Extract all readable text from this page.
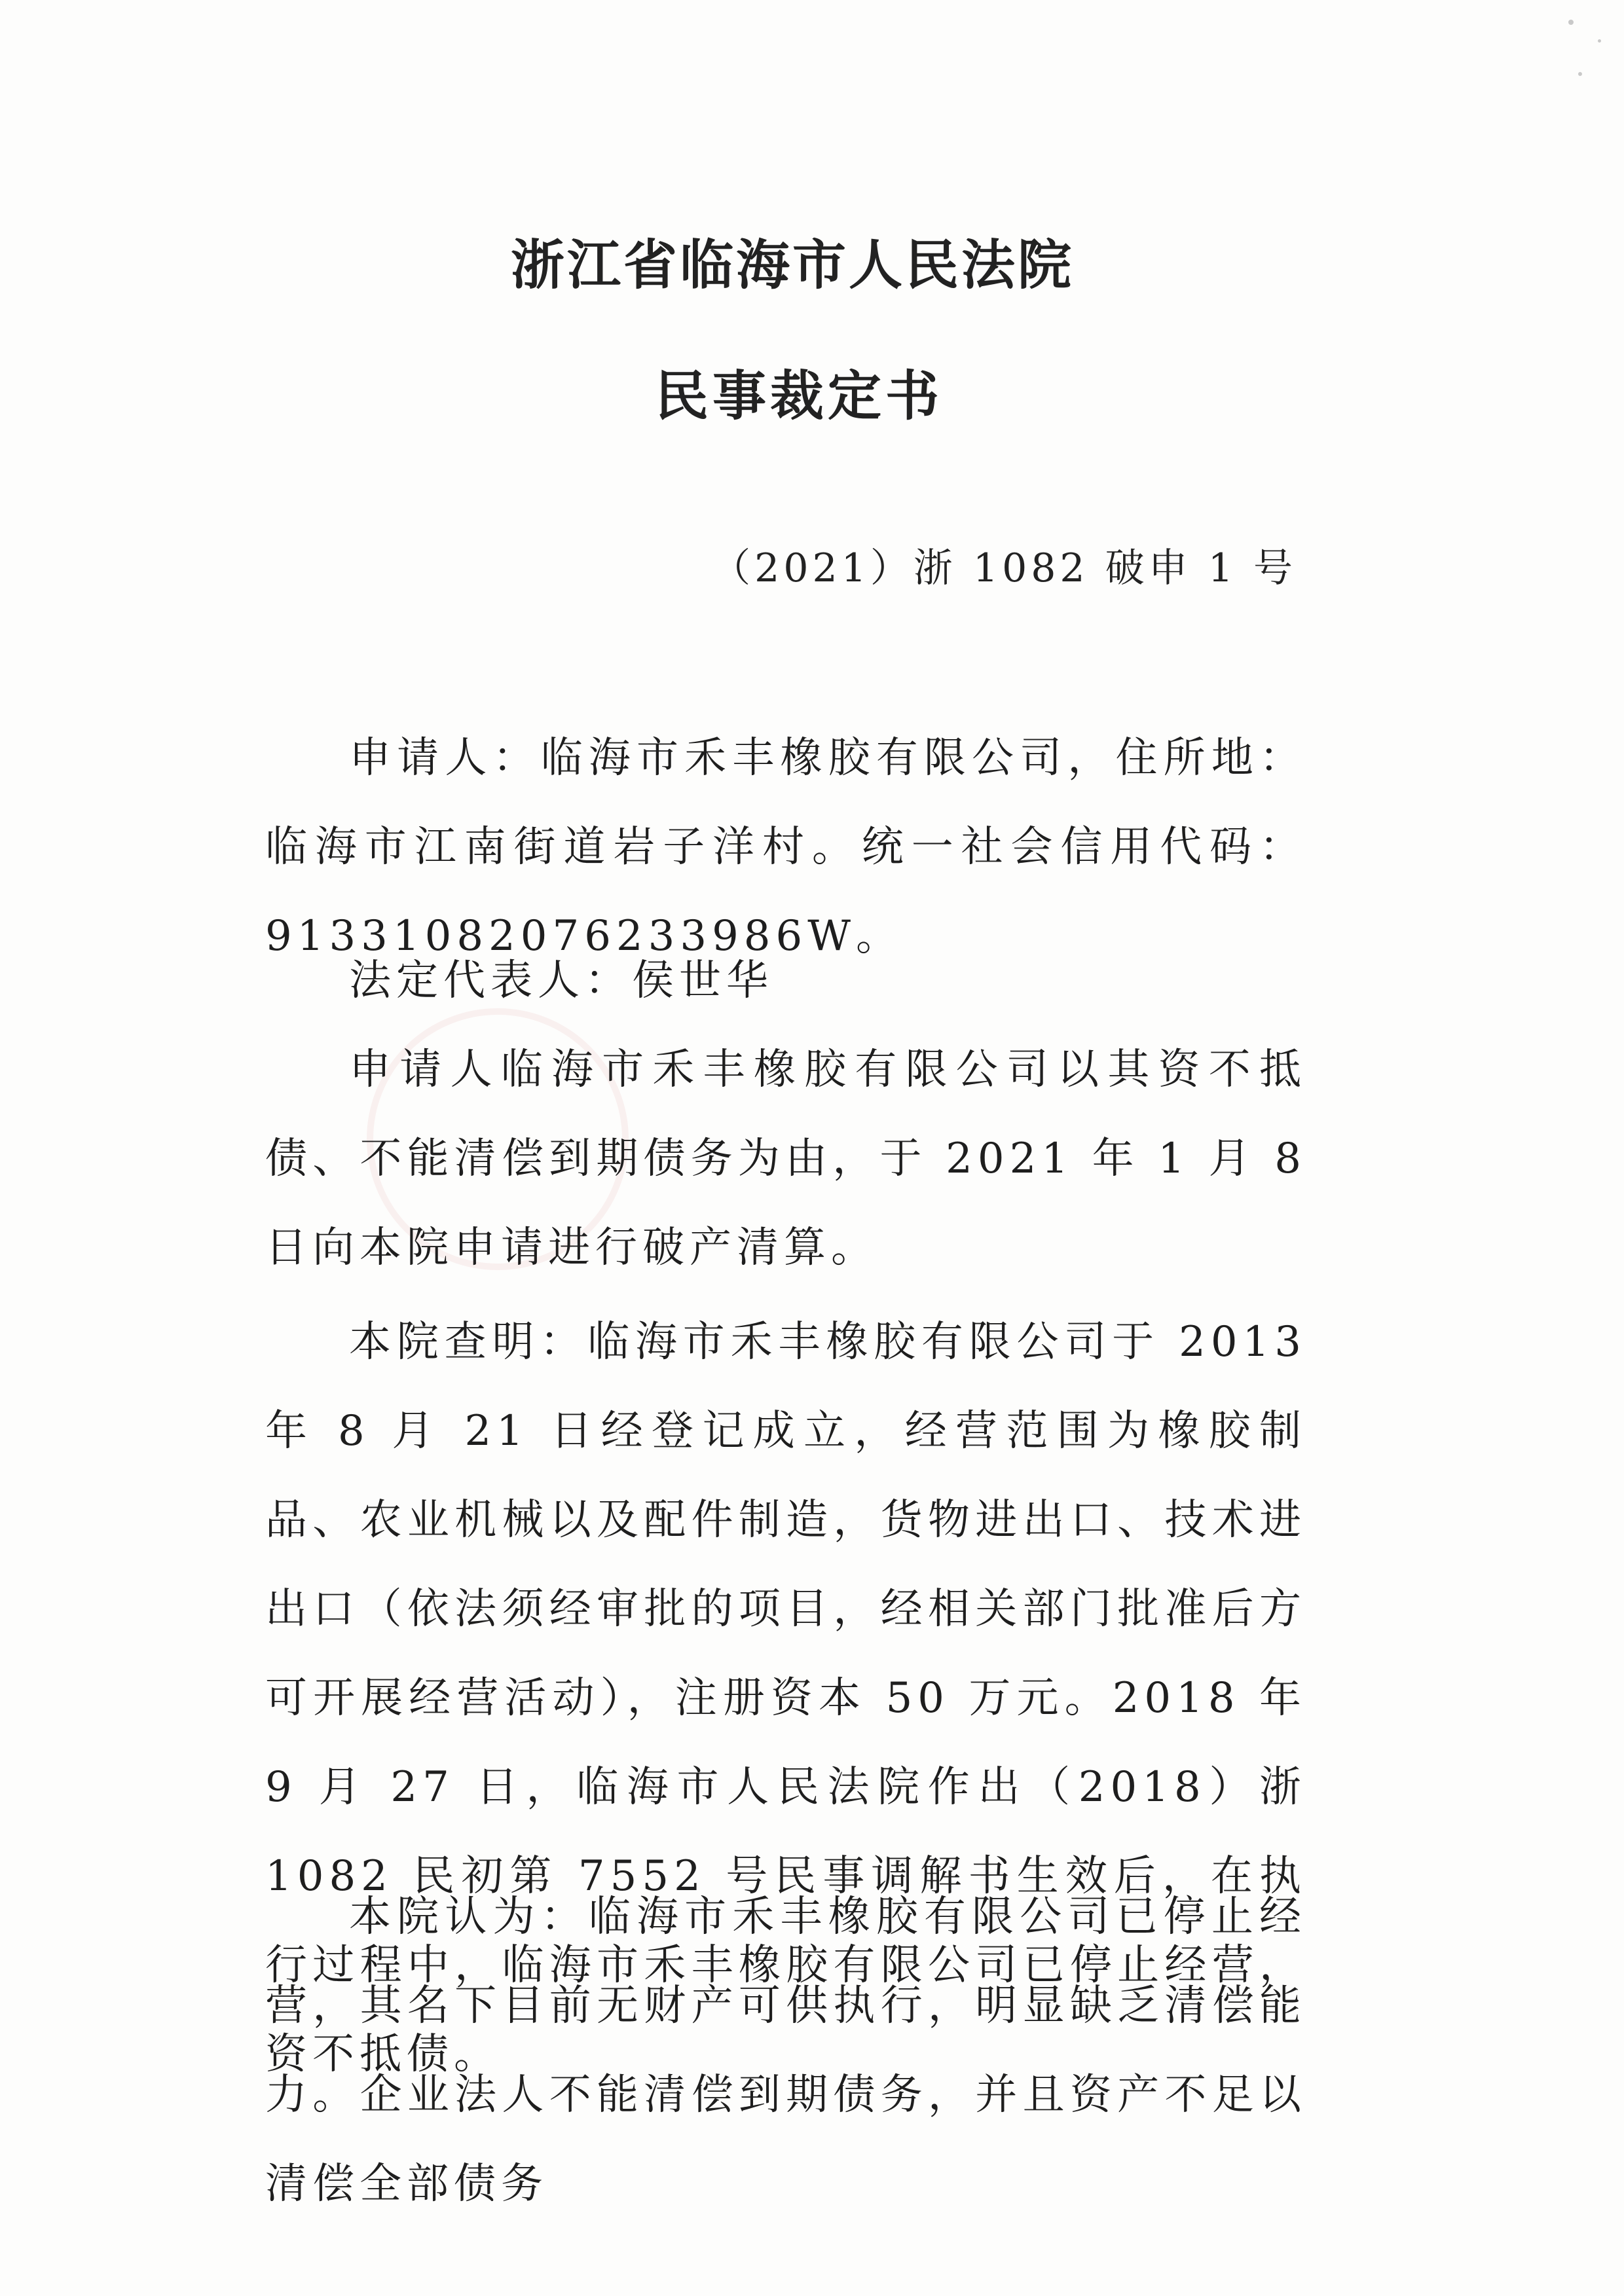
浙江省临海市人民法院
民事裁定书
（2021）浙 1082 破申 1 号

申请人：临海市禾丰橡胶有限公司，住所地：临海市江南街道岩子洋村。统一社会信用代码：91331082076233986W。

法定代表人：侯世华

申请人临海市禾丰橡胶有限公司以其资不抵债、不能清偿到期债务为由，于 2021 年 1 月 8 日向本院申请进行破产清算。

本院查明：临海市禾丰橡胶有限公司于 2013 年 8 月 21 日经登记成立，经营范围为橡胶制品、农业机械以及配件制造，货物进出口、技术进出口（依法须经审批的项目，经相关部门批准后方可开展经营活动），注册资本 50 万元。2018 年 9 月 27 日，临海市人民法院作出（2018）浙 1082 民初第 7552 号民事调解书生效后，在执行过程中，临海市禾丰橡胶有限公司已停止经营，资不抵债。

本院认为：临海市禾丰橡胶有限公司已停止经营，其名下目前无财产可供执行，明显缺乏清偿能力。企业法人不能清偿到期债务，并且资产不足以清偿全部债务
